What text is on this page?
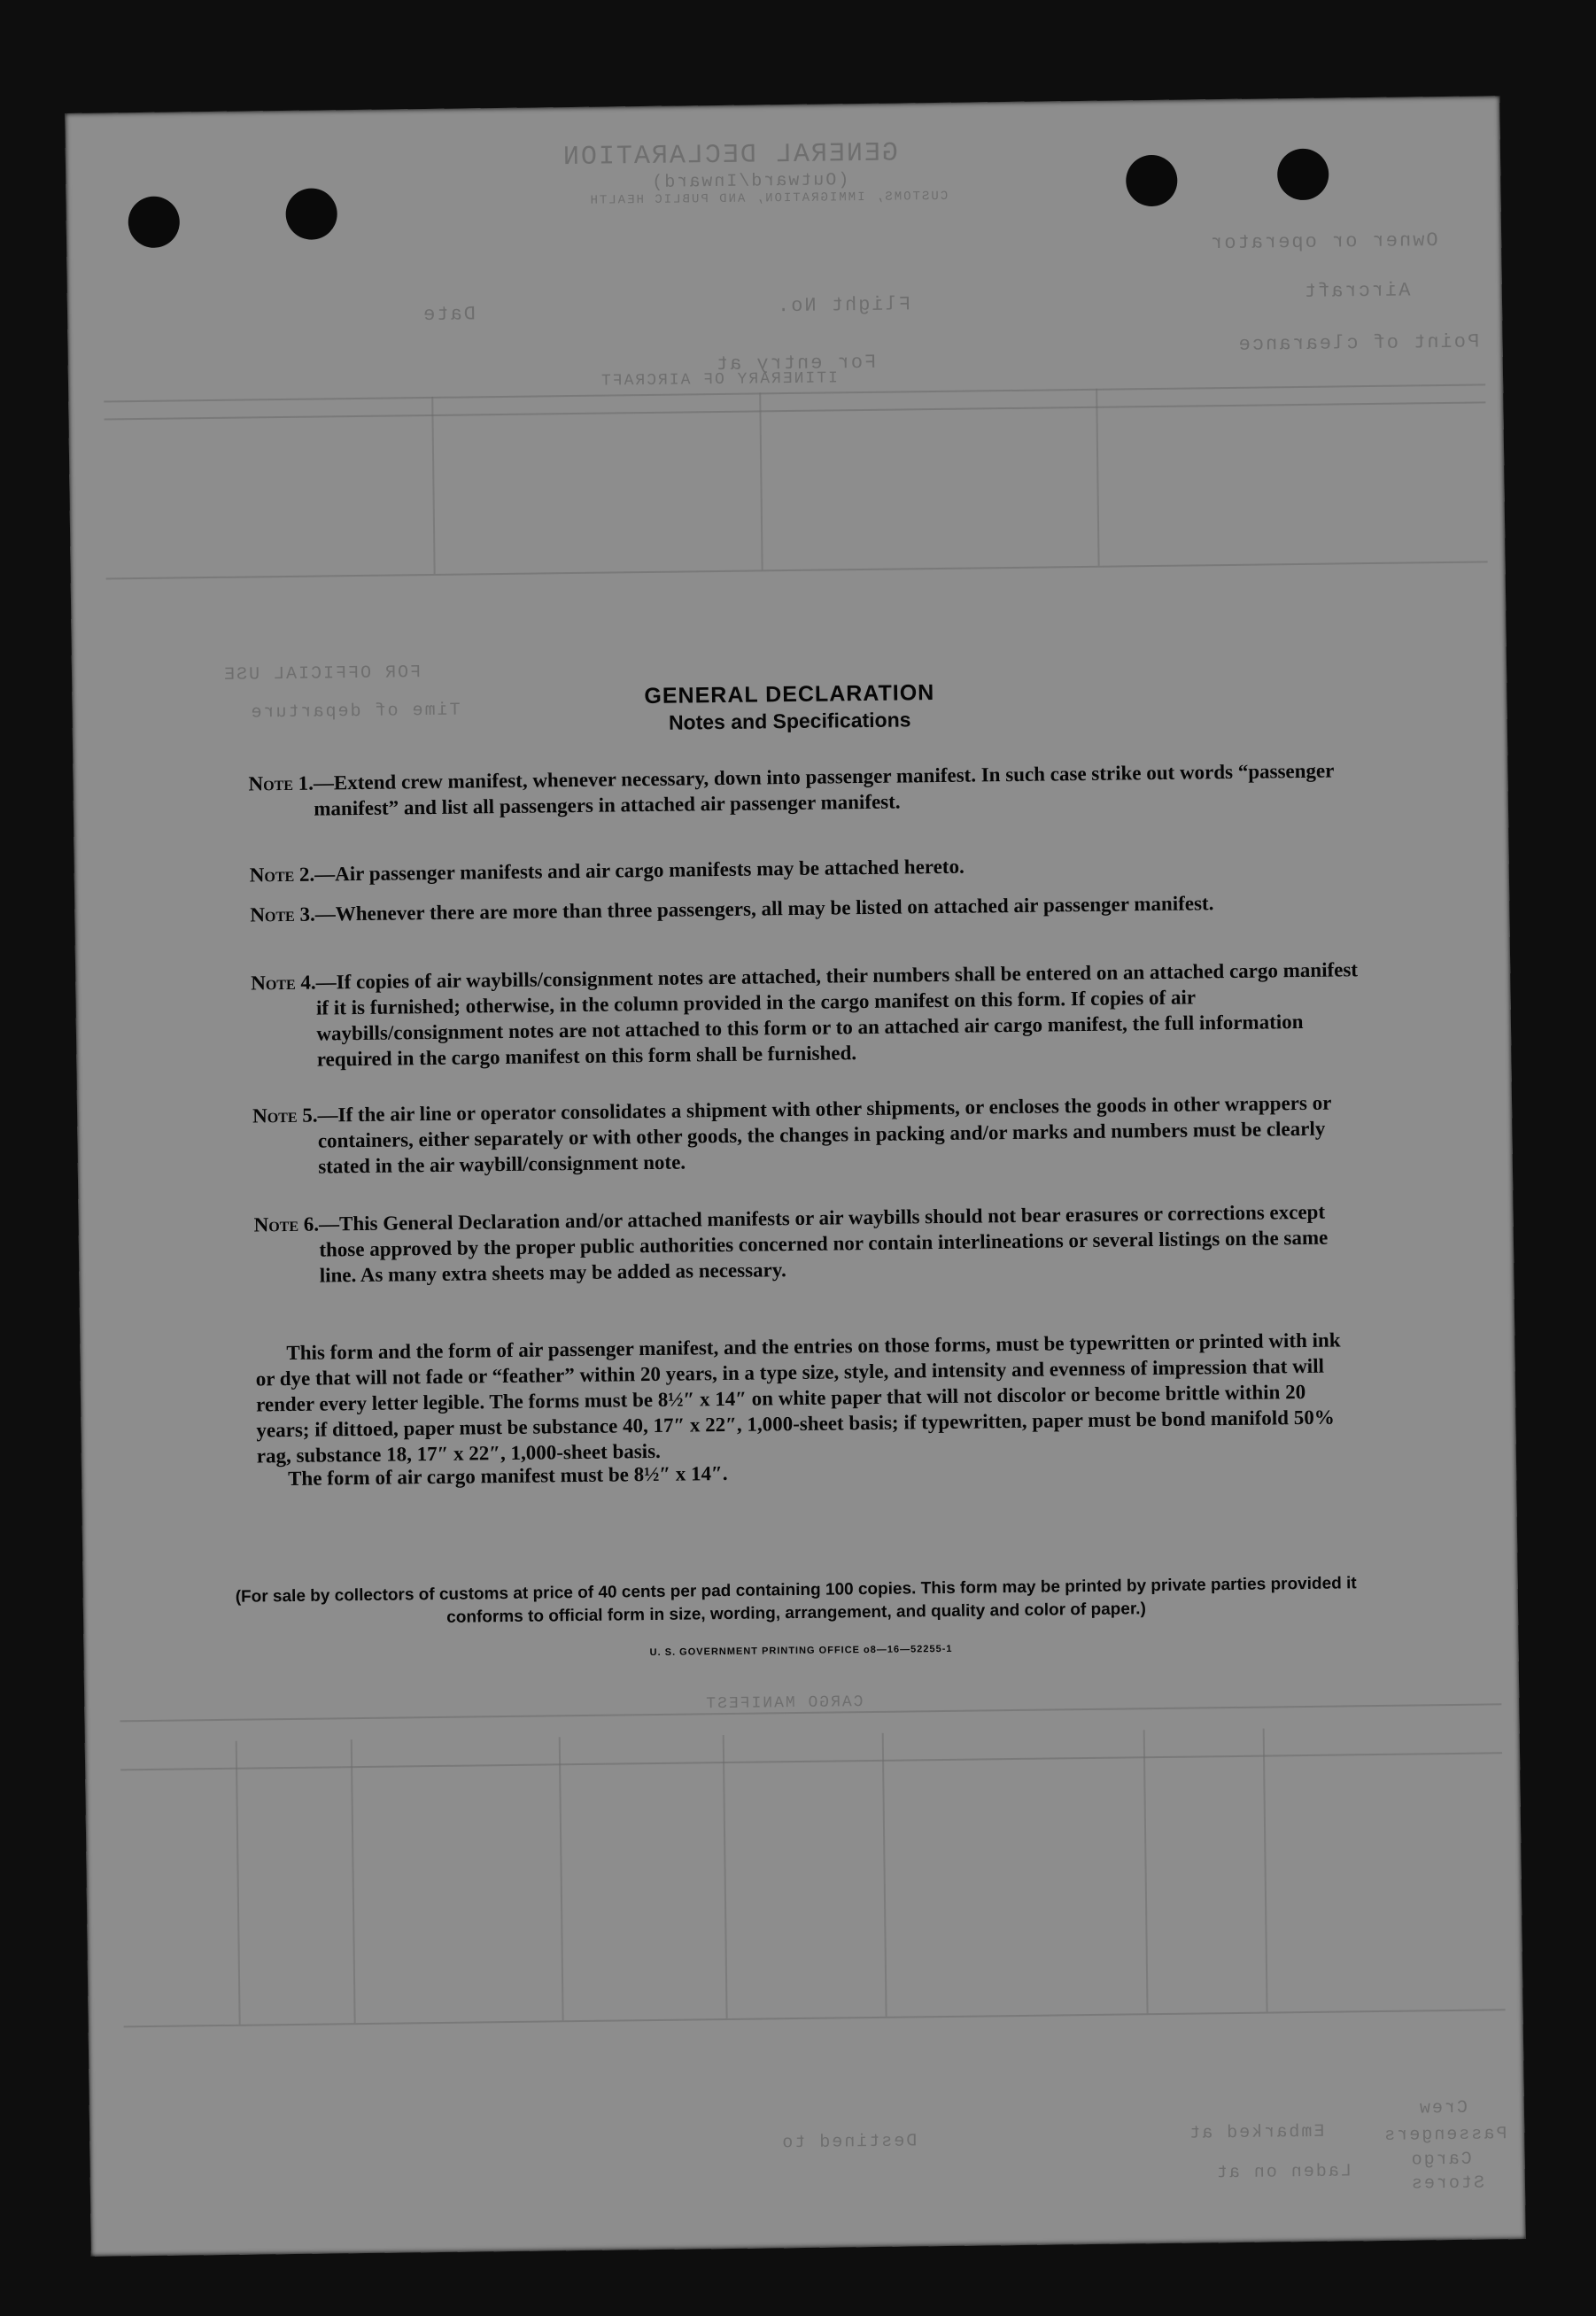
GENERAL DECLARATION
(Outward/Inward)
CUSTOMS, IMMIGRATION, AND PUBLIC HEALTH
Owner or operator
Aircraft
Flight No.
Date
Point of clearance
For entry at
ITINERARY OF AIRCRAFT
FOR OFFICIAL USE
Time of departure
CARGO MANIFEST
Crew
Passengers
Cargo
Stores
Embarked at
Laden on at
Destined to
GENERAL DECLARATION
Notes and Specifications
Note 1. —Extend crew manifest, whenever necessary, down into passenger manifest. In such case strike out words “passenger manifest” and list all passengers in attached air passenger manifest.
Note 2. —Air passenger manifests and air cargo manifests may be attached hereto.
Note 3. —Whenever there are more than three passengers, all may be listed on attached air passenger manifest.
Note 4. —If copies of air waybills/consignment notes are attached, their numbers shall be entered on an attached cargo manifest if it is furnished; otherwise, in the column provided in the cargo manifest on this form. If copies of air waybills/consignment notes are not attached to this form or to an attached air cargo manifest, the full information required in the cargo manifest on this form shall be furnished.
Note 5. —If the air line or operator consolidates a shipment with other shipments, or encloses the goods in other wrappers or containers, either separately or with other goods, the changes in packing and/or marks and numbers must be clearly stated in the air waybill/consignment note.
Note 6. —This General Declaration and/or attached manifests or air waybills should not bear erasures or corrections except those approved by the proper public authorities concerned nor contain interlineations or several listings on the same line. As many extra sheets may be added as necessary.
This form and the form of air passenger manifest, and the entries on those forms, must be typewritten or printed with ink or dye that will not fade or “feather” within 20 years, in a type size, style, and intensity and evenness of impression that will render every letter legible. The forms must be 8½″ x 14″ on white paper that will not discolor or become brittle within 20 years; if dittoed, paper must be substance 40, 17″ x 22″, 1,000-sheet basis; if typewritten, paper must be bond manifold 50% rag, substance 18, 17″ x 22″, 1,000-sheet basis.
The form of air cargo manifest must be 8½″ x 14″.
(For sale by collectors of customs at price of 40 cents per pad containing 100 copies. This form may be printed by private parties provided it conforms to official form in size, wording, arrangement, and quality and color of paper.)
U. S. GOVERNMENT PRINTING OFFICE o8—16—52255-1
